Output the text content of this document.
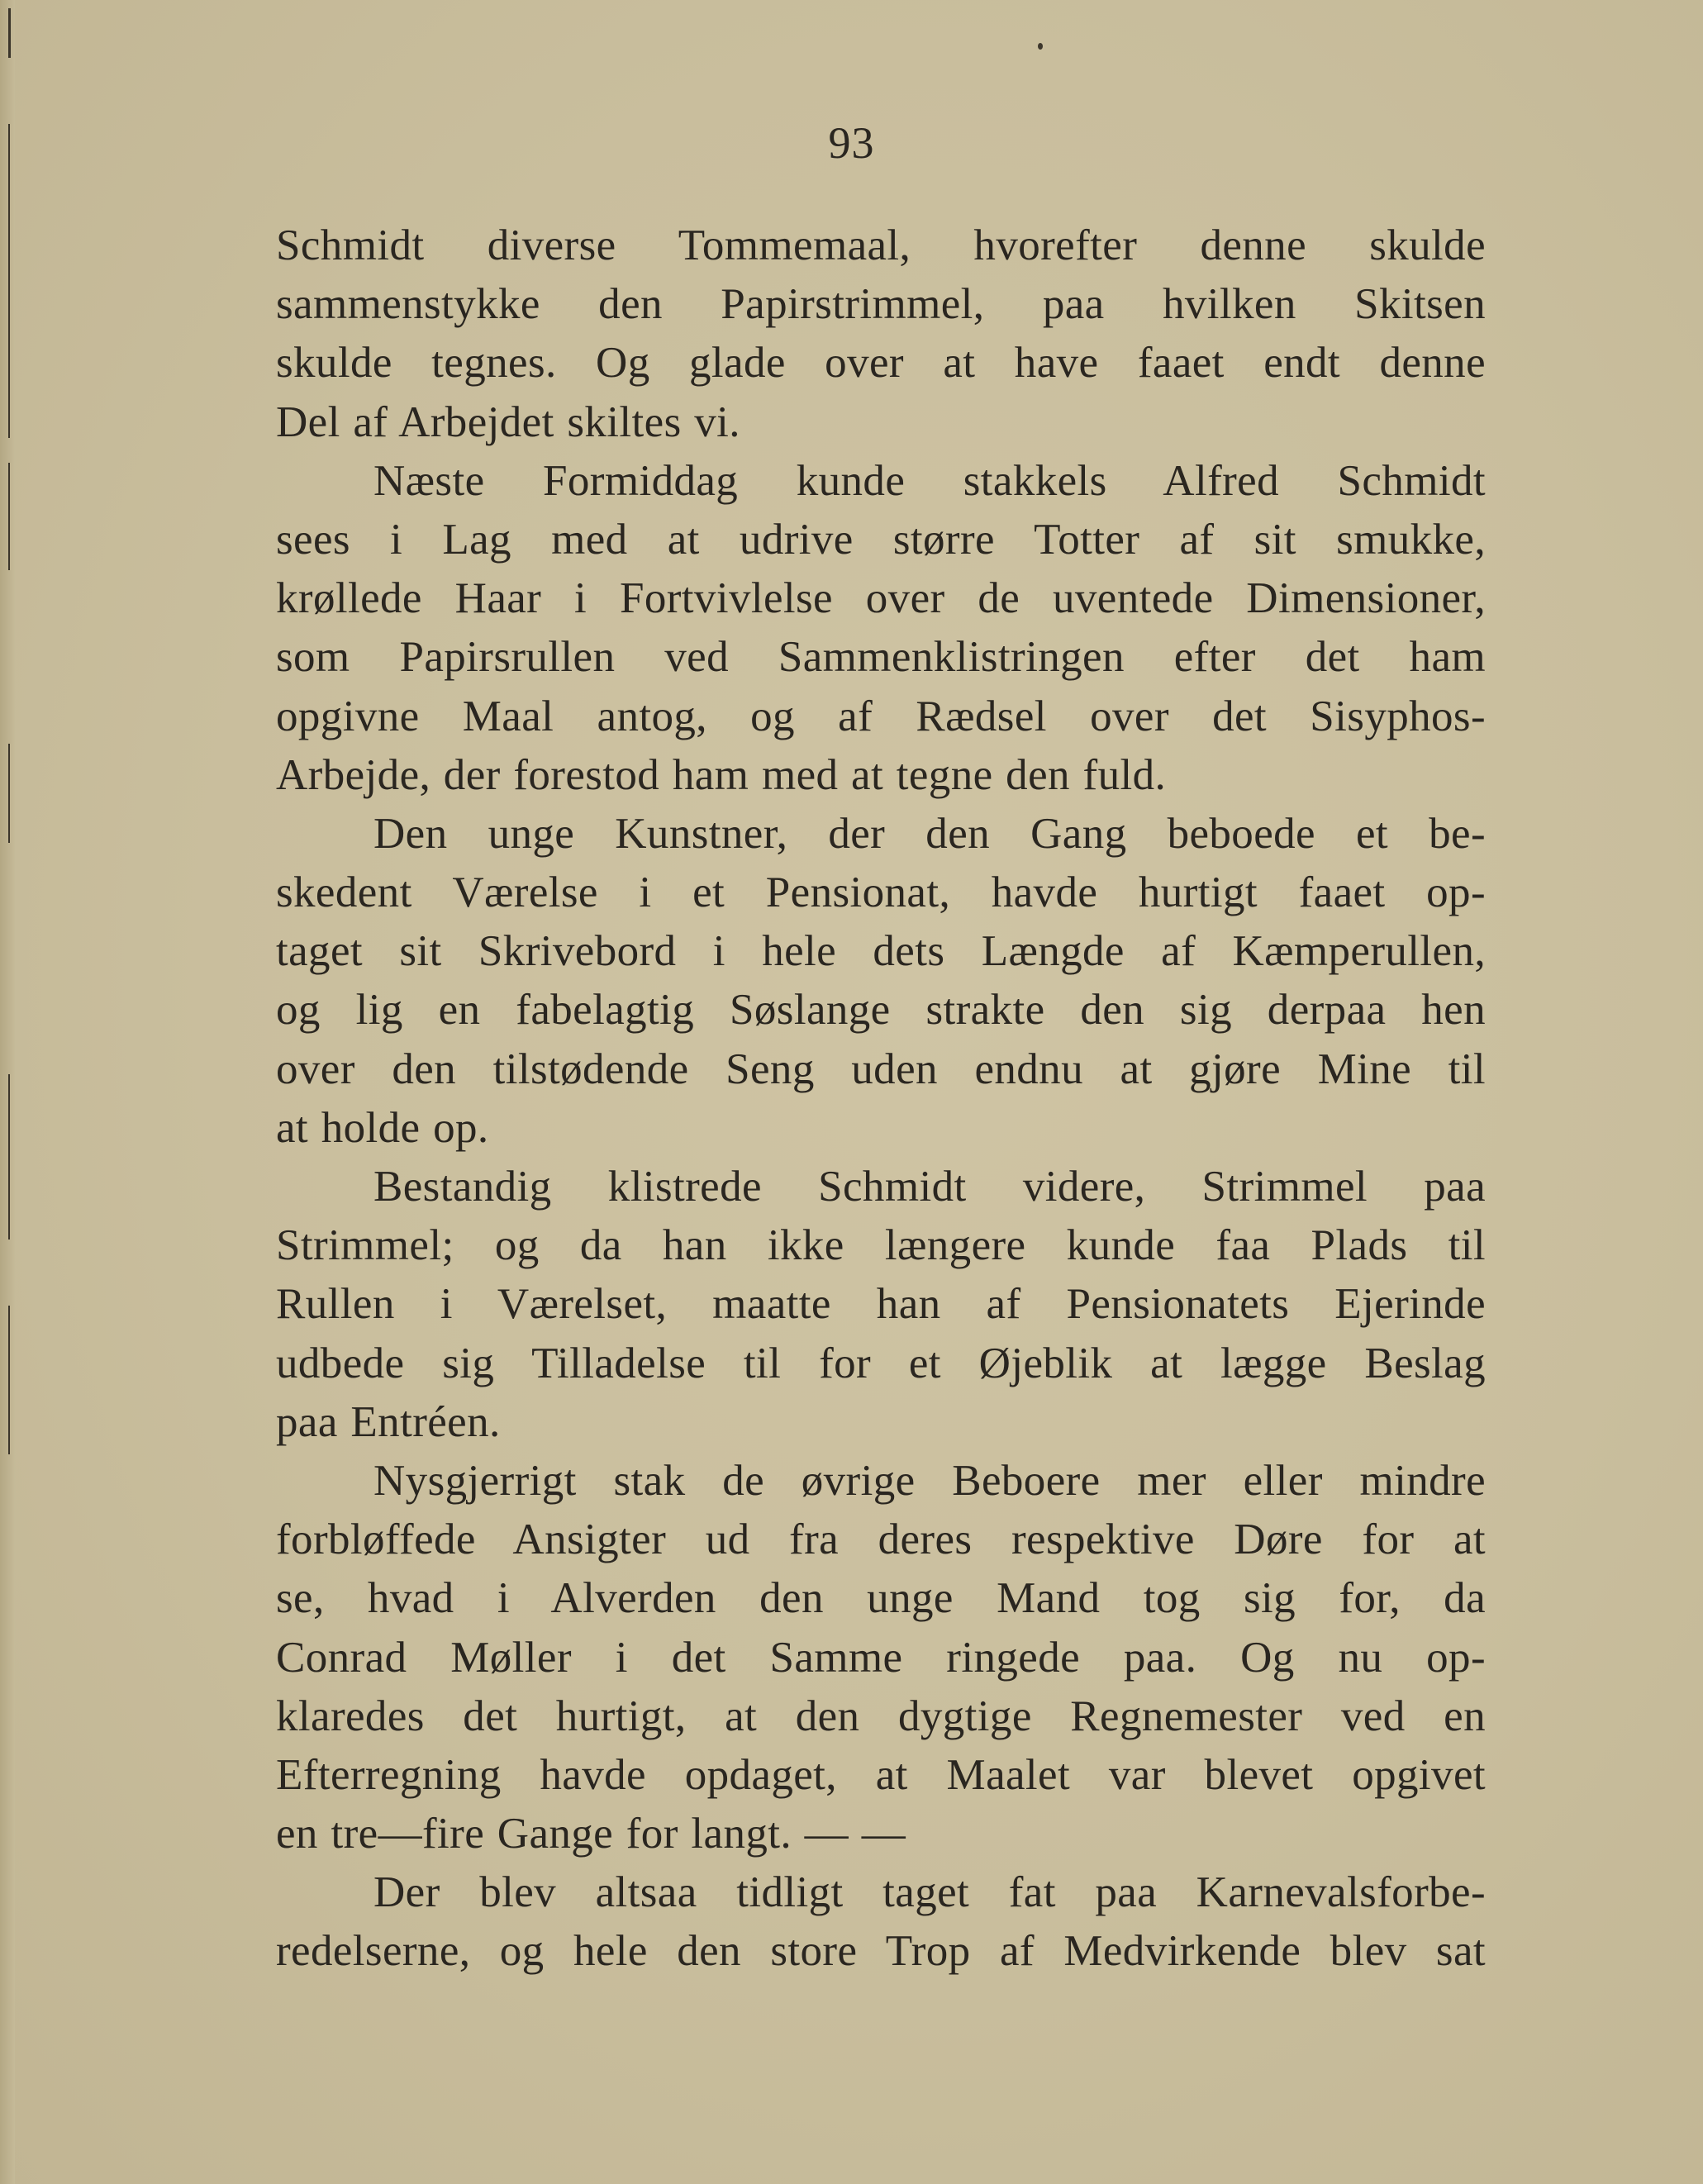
93
Schmidt diverse Tommemaal, hvorefter denne skulde
sammenstykke den Papirstrimmel, paa hvilken Skitsen
skulde tegnes. Og glade over at have faaet endt denne
Del af Arbejdet skiltes vi.
Næste Formiddag kunde stakkels Alfred Schmidt
sees i Lag med at udrive større Totter af sit smukke,
krøllede Haar i Fortvivlelse over de uventede Dimensioner,
som Papirsrullen ved Sammenklistringen efter det ham
opgivne Maal antog, og af Rædsel over det Sisyphos-
Arbejde, der forestod ham med at tegne den fuld.
Den unge Kunstner, der den Gang beboede et be-
skedent Værelse i et Pensionat, havde hurtigt faaet op-
taget sit Skrivebord i hele dets Længde af Kæmperullen,
og lig en fabelagtig Søslange strakte den sig derpaa hen
over den tilstødende Seng uden endnu at gjøre Mine til
at holde op.
Bestandig klistrede Schmidt videre, Strimmel paa
Strimmel; og da han ikke længere kunde faa Plads til
Rullen i Værelset, maatte han af Pensionatets Ejerinde
udbede sig Tilladelse til for et Øjeblik at lægge Beslag
paa Entréen.
Nysgjerrigt stak de øvrige Beboere mer eller mindre
forbløffede Ansigter ud fra deres respektive Døre for at
se, hvad i Alverden den unge Mand tog sig for, da
Conrad Møller i det Samme ringede paa. Og nu op-
klaredes det hurtigt, at den dygtige Regnemester ved en
Efterregning havde opdaget, at Maalet var blevet opgivet
en tre—fire Gange for langt. — —
Der blev altsaa tidligt taget fat paa Karnevalsforbe-
redelserne, og hele den store Trop af Medvirkende blev sat
